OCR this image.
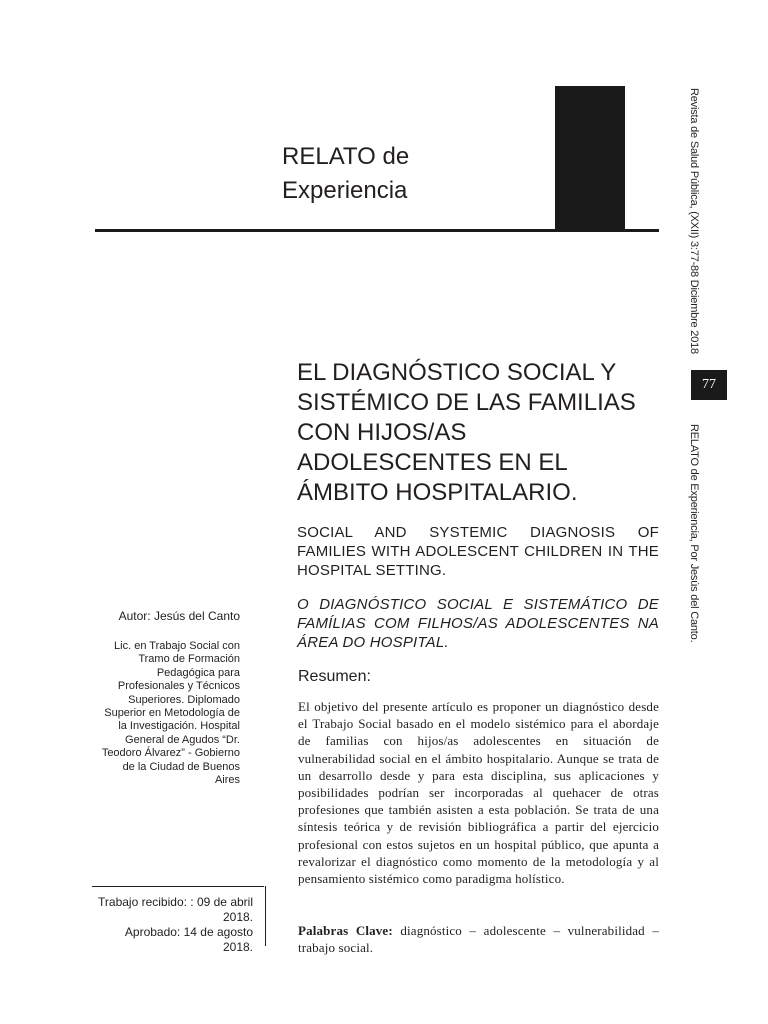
RELATO de
Experiencia	Revista de Salud Pública, (XXII) 3:77-88 Diciembre 2018
77
RELATO de Experiencia, Por Jesús del Canto.
EL DIAGNÓSTICO SOCIAL Y SISTÉMICO DE LAS FAMILIAS CON HIJOS/AS ADOLESCENTES EN EL ÁMBITO HOSPITALARIO.

SOCIAL AND SYSTEMIC DIAGNOSIS OF FAMILIES WITH ADOLESCENT CHILDREN IN THE HOSPITAL SETTING.

O DIAGNÓSTICO SOCIAL E SISTEMÁTICO DE FAMÍLIAS COM FILHOS/AS ADOLESCENTES NA ÁREA DO HOSPITAL.

Resumen:

El objetivo del presente artículo es proponer un diagnóstico desde el Trabajo Social basado en el modelo sistémico para el abordaje de familias con hijos/as adolescentes en situación de vulnerabilidad social en el ámbito hospitalario. Aunque se trata de un desarrollo desde y para esta disciplina, sus aplicaciones y posibilidades podrían ser incorporadas al quehacer de otras profesiones que también asisten a esta población. Se trata de una síntesis teórica y de revisión bibliográfica a partir del ejercicio profesional con estos sujetos en un hospital público, que apunta a revalorizar el diagnóstico como momento de la metodología y al pensamiento sistémico como paradigma holístico.

Palabras Clave: diagnóstico – adolescente – vulnerabilidad – trabajo social.

Autor: Jesús del Canto

Lic. en Trabajo Social con Tramo de Formación Pedagógica para Profesionales y Técnicos Superiores. Diplomado Superior en Metodología de la Investigación. Hospital General de Agudos “Dr. Teodoro Álvarez” - Gobierno de la Ciudad de Buenos Aires

Trabajo recibido: : 09 de abril 2018.
Aprobado: 14 de agosto 2018.
